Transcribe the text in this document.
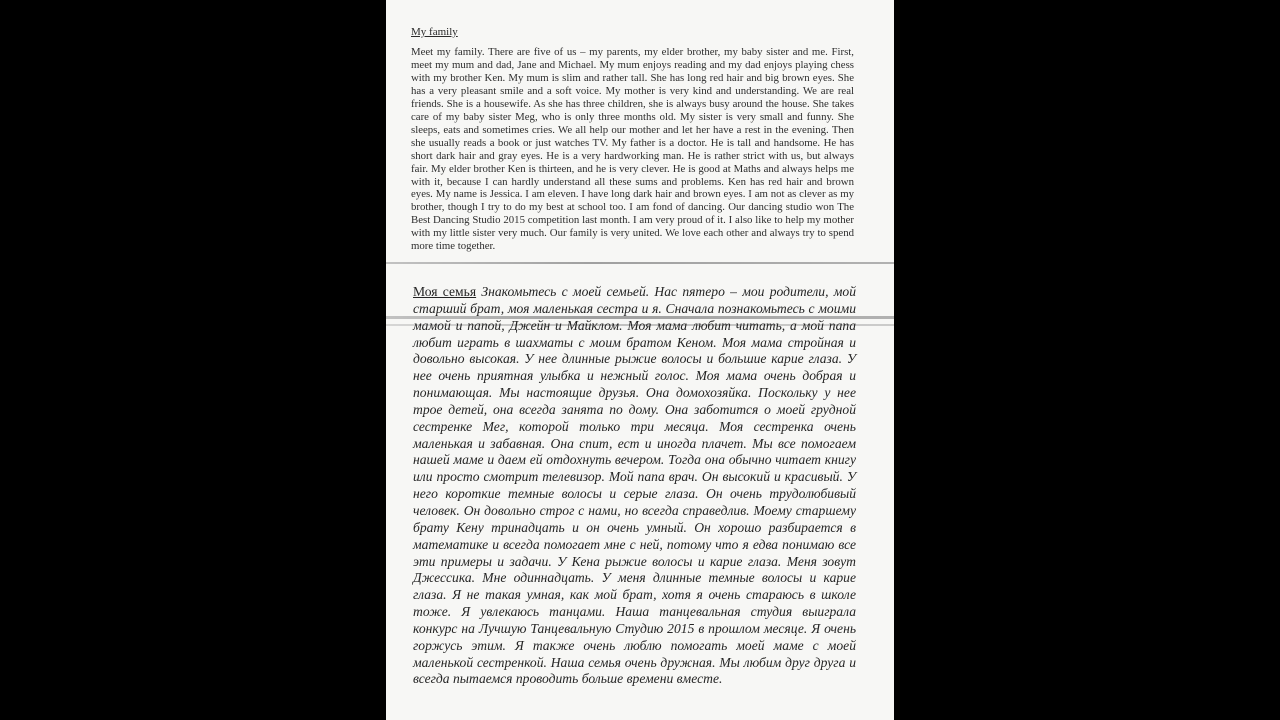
My family

Meet my family. There are five of us – my parents, my elder brother, my baby sister and me. First, meet my mum and dad, Jane and Michael. My mum enjoys reading and my dad enjoys playing chess with my brother Ken. My mum is slim and rather tall. She has long red hair and big brown eyes. She has a very pleasant smile and a soft voice. My mother is very kind and understanding. We are real friends. She is a housewife. As she has three children, she is always busy around the house. She takes care of my baby sister Meg, who is only three months old. My sister is very small and funny. She sleeps, eats and sometimes cries. We all help our mother and let her have a rest in the evening. Then she usually reads a book or just watches TV. My father is a doctor. He is tall and handsome. He has short dark hair and gray eyes. He is a very hardworking man. He is rather strict with us, but always fair. My elder brother Ken is thirteen, and he is very clever. He is good at Maths and always helps me with it, because I can hardly understand all these sums and problems. Ken has red hair and brown eyes. My name is Jessica. I am eleven. I have long dark hair and brown eyes. I am not as clever as my brother, though I try to do my best at school too. I am fond of dancing. Our dancing studio won The Best Dancing Studio 2015 competition last month. I am very proud of it. I also like to help my mother with my little sister very much. Our family is very united. We love each other and always try to spend more time together.

Моя семья Знакомьтесь с моей семьей. Нас пятеро – мои родители, мой старший брат, моя маленькая сестра и я. Сначала познакомьтесь с моими мамой и папой, Джейн и Майклом. Моя мама любит читать, а мой папа любит играть в шахматы с моим братом Кеном. Моя мама стройная и довольно высокая. У нее длинные рыжие волосы и большие карие глаза. У нее очень приятная улыбка и нежный голос. Моя мама очень добрая и понимающая. Мы настоящие друзья. Она домохозяйка. Поскольку у нее трое детей, она всегда занята по дому. Она заботится о моей грудной сестренке Мег, которой только три месяца. Моя сестренка очень маленькая и забавная. Она спит, ест и иногда плачет. Мы все помогаем нашей маме и даем ей отдохнуть вечером. Тогда она обычно читает книгу или просто смотрит телевизор. Мой папа врач. Он высокий и красивый. У него короткие темные волосы и серые глаза. Он очень трудолюбивый человек. Он довольно строг с нами, но всегда справедлив. Моему старшему брату Кену тринадцать и он очень умный. Он хорошо разбирается в математике и всегда помогает мне с ней, потому что я едва понимаю все эти примеры и задачи. У Кена рыжие волосы и карие глаза. Меня зовут Джессика. Мне одиннадцать. У меня длинные темные волосы и карие глаза. Я не такая умная, как мой брат, хотя я очень стараюсь в школе тоже. Я увлекаюсь танцами. Наша танцевальная студия выиграла конкурс на Лучшую Танцевальную Студию 2015 в прошлом месяце. Я очень горжусь этим. Я также очень люблю помогать моей маме с моей маленькой сестренкой. Наша семья очень дружная. Мы любим друг друга и всегда пытаемся проводить больше времени вместе.
